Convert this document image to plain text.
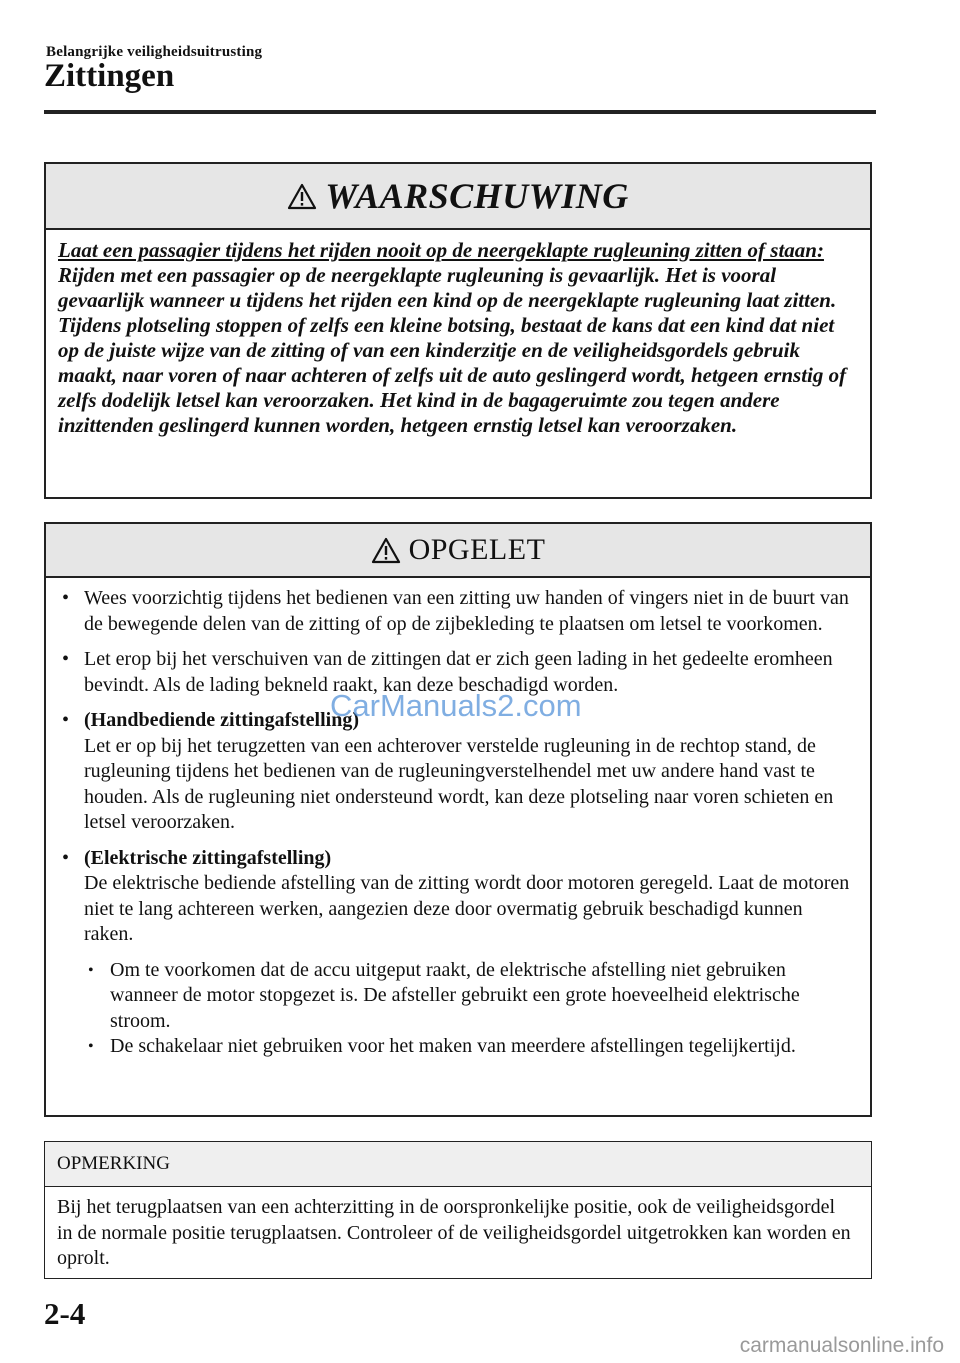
Belangrijke veiligheidsuitrusting
Zittingen
WAARSCHUWING
Laat een passagier tijdens het rijden nooit op de neergeklapte rugleuning zitten of staan:
Rijden met een passagier op de neergeklapte rugleuning is gevaarlijk. Het is vooral gevaarlijk wanneer u tijdens het rijden een kind op de neergeklapte rugleuning laat zitten. Tijdens plotseling stoppen of zelfs een kleine botsing, bestaat de kans dat een kind dat niet op de juiste wijze van de zitting of van een kinderzitje en de veiligheidsgordels gebruik maakt, naar voren of naar achteren of zelfs uit de auto geslingerd wordt, hetgeen ernstig of zelfs dodelijk letsel kan veroorzaken. Het kind in de bagageruimte zou tegen andere inzittenden geslingerd kunnen worden, hetgeen ernstig letsel kan veroorzaken.
OPGELET
• Wees voorzichtig tijdens het bedienen van een zitting uw handen of vingers niet in de buurt van de bewegende delen van de zitting of op de zijbekleding te plaatsen om letsel te voorkomen.
• Let erop bij het verschuiven van de zittingen dat er zich geen lading in het gedeelte eromheen bevindt. Als de lading bekneld raakt, kan deze beschadigd worden.
• (Handbediende zittingafstelling)
Let er op bij het terugzetten van een achterover verstelde rugleuning in de rechtop stand, de rugleuning tijdens het bedienen van de rugleuningverstelhendel met uw andere hand vast te houden. Als de rugleuning niet ondersteund wordt, kan deze plotseling naar voren schieten en letsel veroorzaken.
• (Elektrische zittingafstelling)
De elektrische bediende afstelling van de zitting wordt door motoren geregeld. Laat de motoren niet te lang achtereen werken, aangezien deze door overmatig gebruik beschadigd kunnen raken.
• Om te voorkomen dat de accu uitgeput raakt, de elektrische afstelling niet gebruiken wanneer de motor stopgezet is. De afsteller gebruikt een grote hoeveelheid elektrische stroom.
• De schakelaar niet gebruiken voor het maken van meerdere afstellingen tegelijkertijd.
OPMERKING
Bij het terugplaatsen van een achterzitting in de oorspronkelijke positie, ook de veiligheidsgordel in de normale positie terugplaatsen. Controleer of de veiligheidsgordel uitgetrokken kan worden en oprolt.
CarManuals2.com
2-4
carmanualsonline.info
